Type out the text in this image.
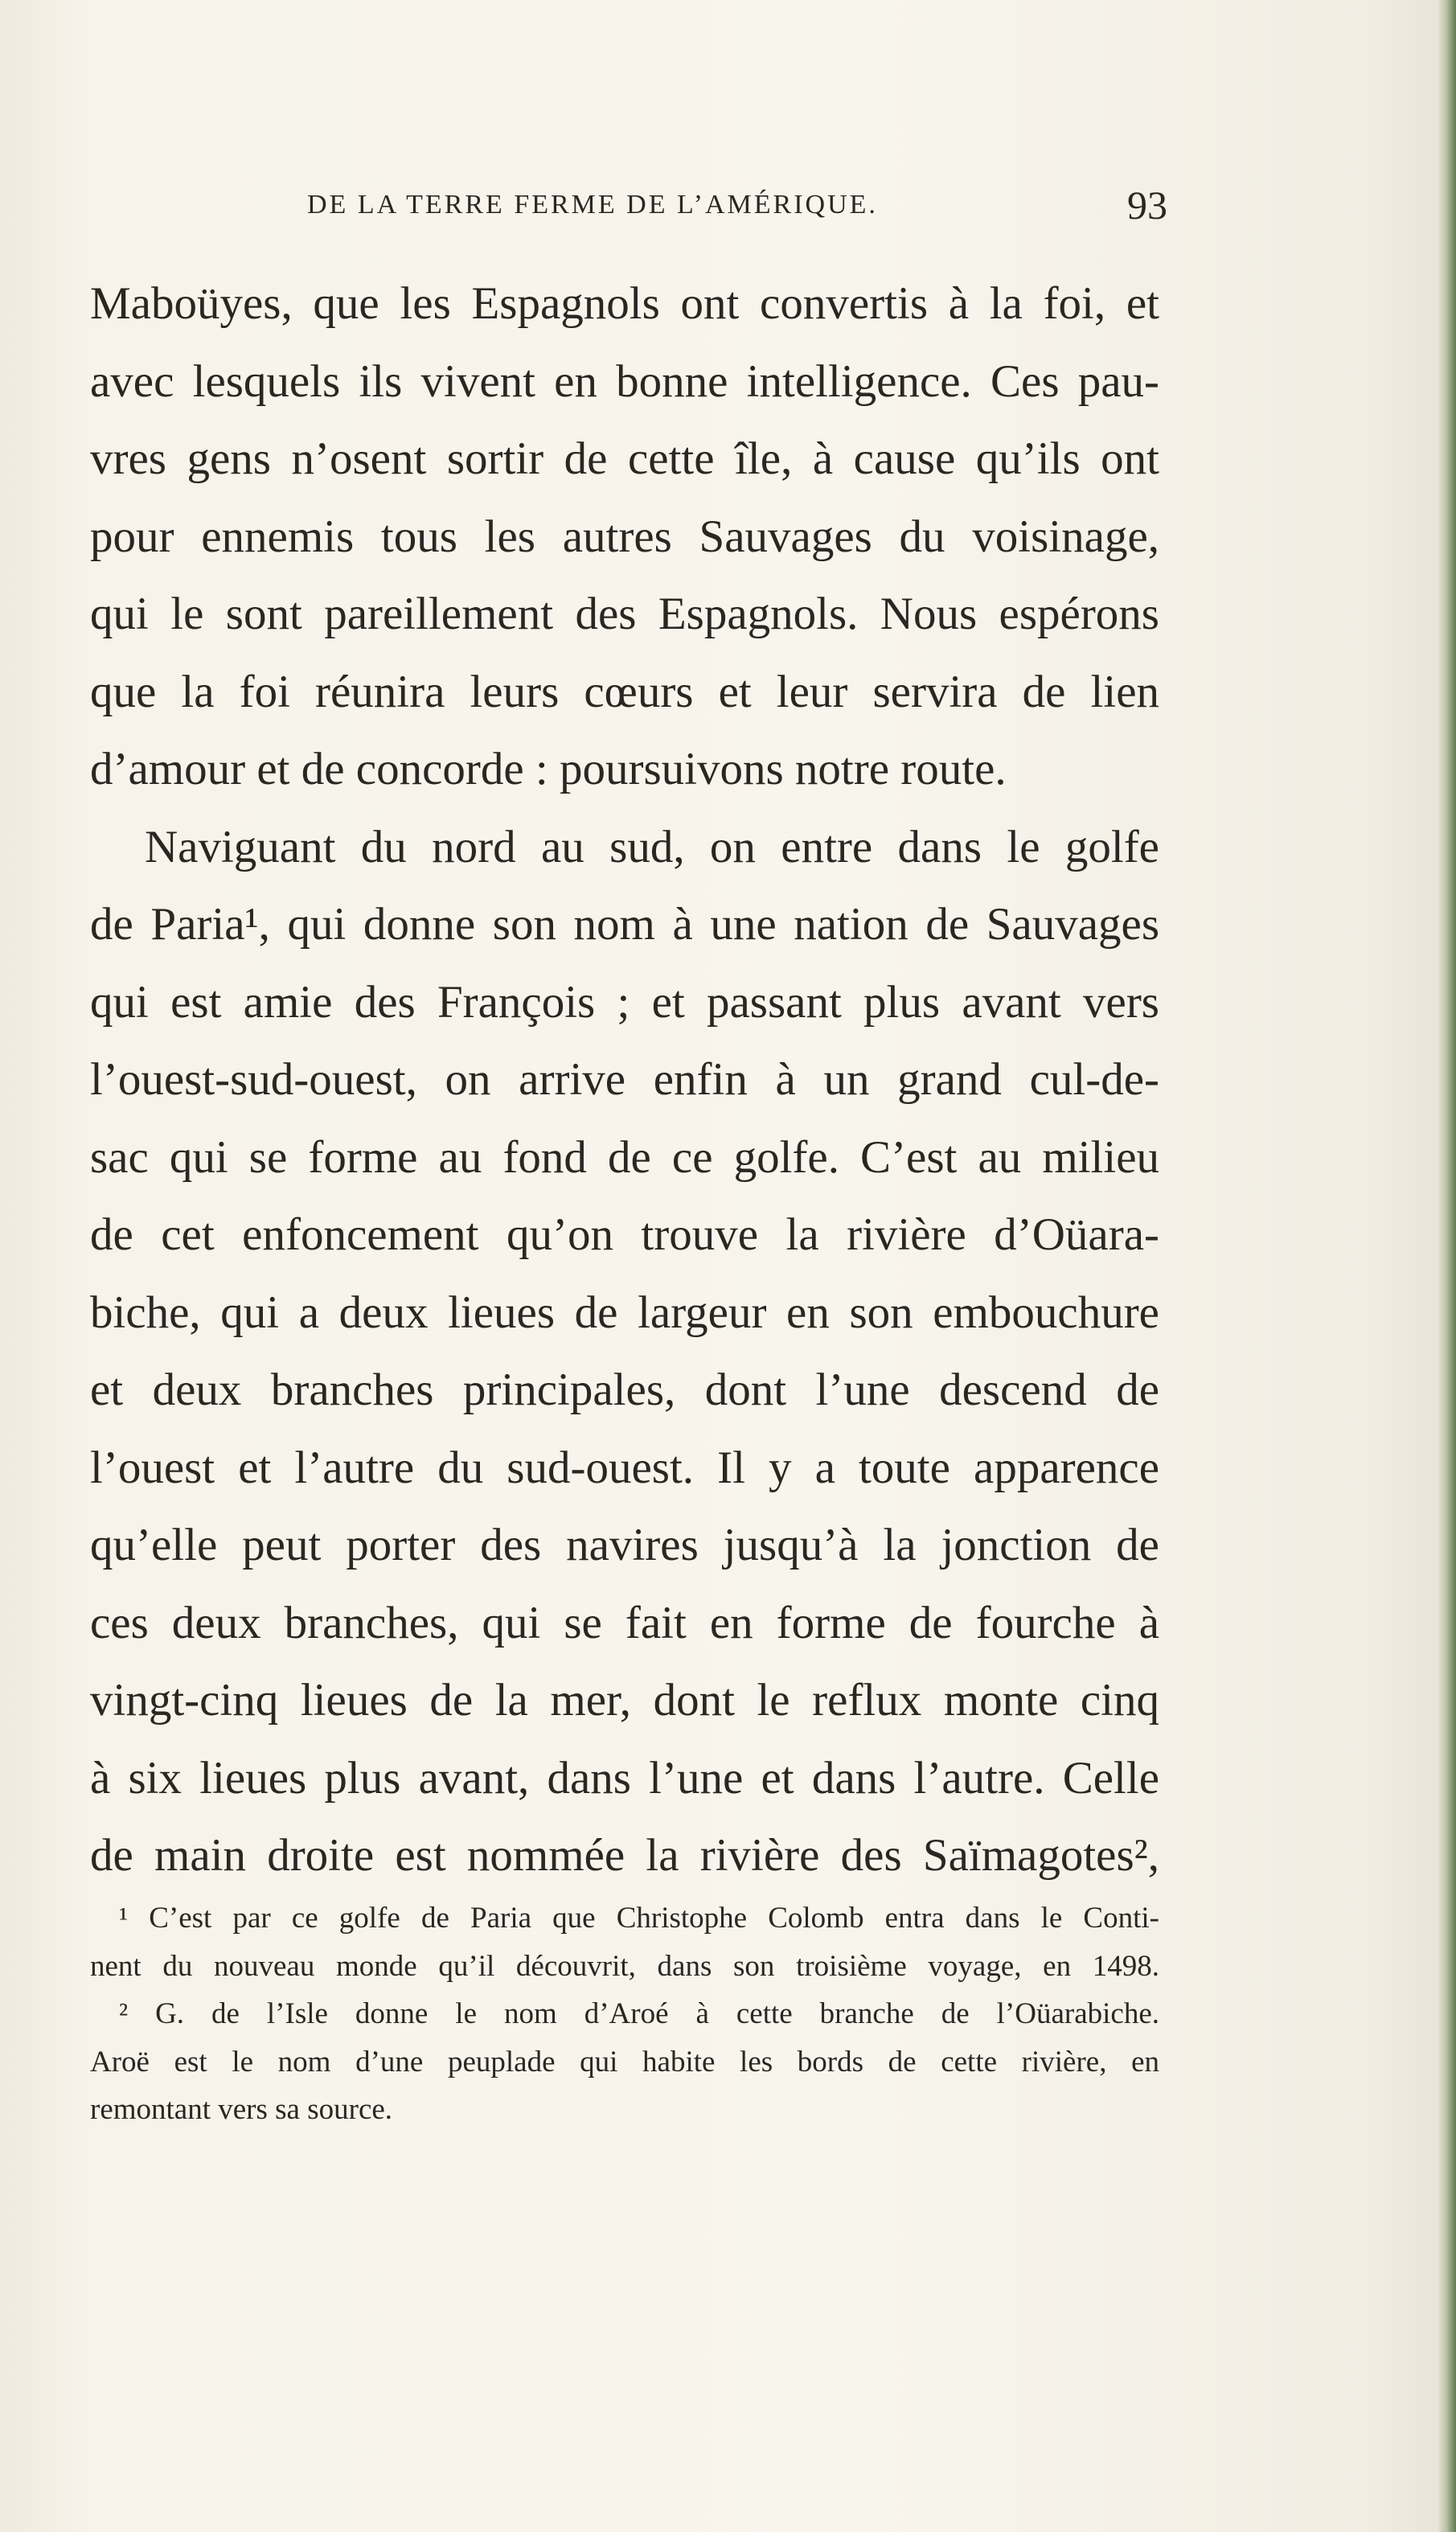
DE LA TERRE FERME DE L’AMÉRIQUE.	93
Maboüyes, que les Espagnols ont convertis à la foi, et
avec lesquels ils vivent en bonne intelligence. Ces pau-
vres gens n’osent sortir de cette île, à cause qu’ils ont
pour ennemis tous les autres Sauvages du voisinage,
qui le sont pareillement des Espagnols. Nous espérons
que la foi réunira leurs cœurs et leur servira de lien
d’amour et de concorde : poursuivons notre route.
Naviguant du nord au sud, on entre dans le golfe
de Paria¹, qui donne son nom à une nation de Sauvages
qui est amie des François ; et passant plus avant vers
l’ouest-sud-ouest, on arrive enfin à un grand cul-de-
sac qui se forme au fond de ce golfe. C’est au milieu
de cet enfoncement qu’on trouve la rivière d’Oüara-
biche, qui a deux lieues de largeur en son embouchure
et deux branches principales, dont l’une descend de
l’ouest et l’autre du sud-ouest. Il y a toute apparence
qu’elle peut porter des navires jusqu’à la jonction de
ces deux branches, qui se fait en forme de fourche à
vingt-cinq lieues de la mer, dont le reflux monte cinq
à six lieues plus avant, dans l’une et dans l’autre. Celle
de main droite est nommée la rivière des Saïmagotes²,
¹ C’est par ce golfe de Paria que Christophe Colomb entra dans le Conti-
nent du nouveau monde qu’il découvrit, dans son troisième voyage, en 1498.
² G. de l’Isle donne le nom d’Aroé à cette branche de l’Oüarabiche.
Aroë est le nom d’une peuplade qui habite les bords de cette rivière, en
remontant vers sa source.
